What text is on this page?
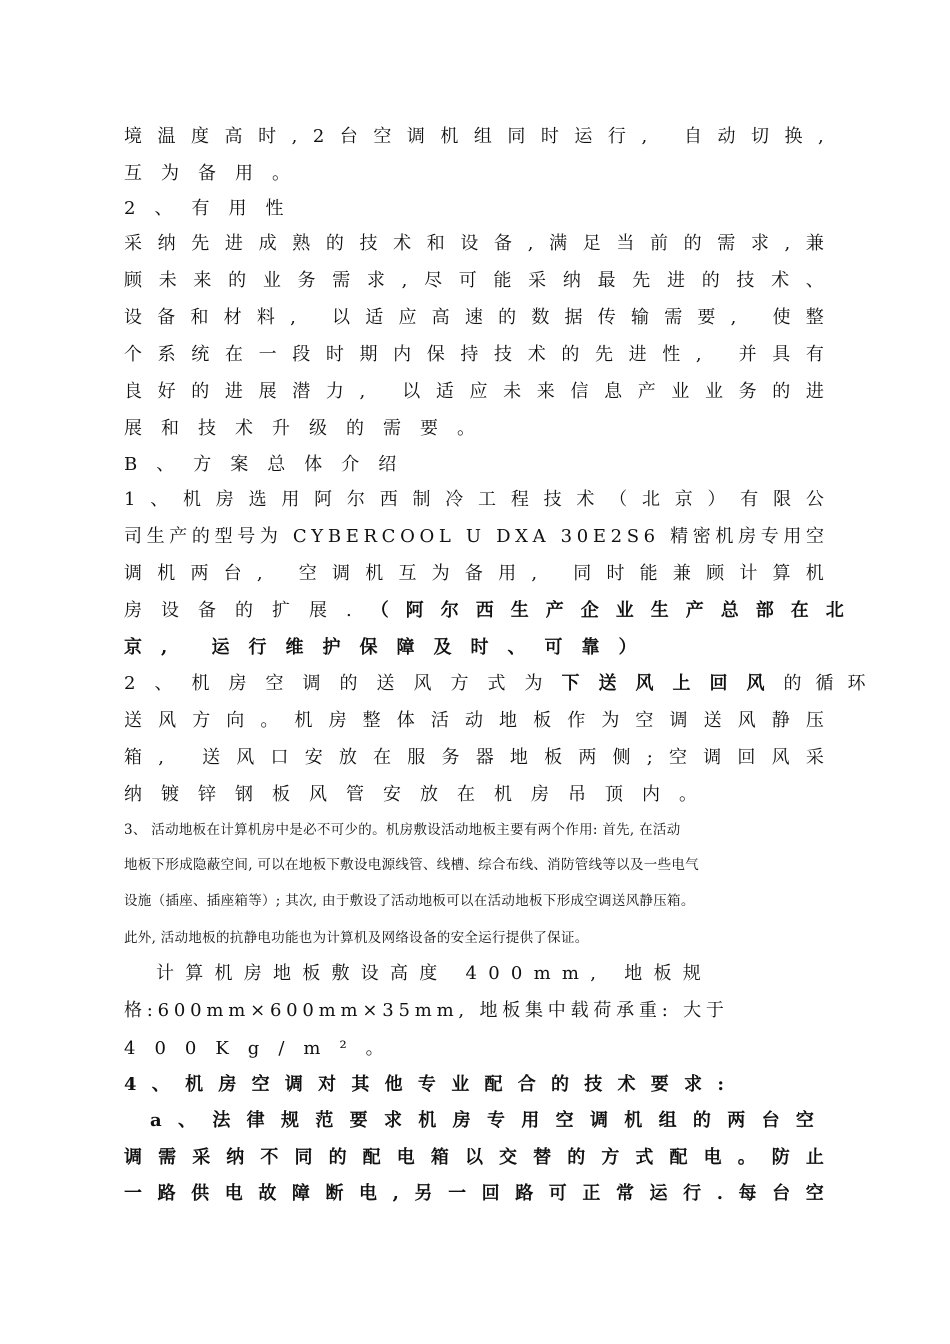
境 温 度 高 时 , 2 台 空 调 机 组 同 时 运 行 ,
自 动 切 换 ,
互为备用。
2、有用性
采 纳 先 进 成 熟 的 技 术 和 设 备 , 满 足 当 前 的 需 求 , 兼
顾 未 来 的 业 务 需 求 , 尽 可 能 采 纳 最 先 进 的 技 术 、
设 备 和 材 料 ,
以 适 应 高 速 的 数 据 传 输 需 要 ,
使 整
个 系 统 在 一 段 时 期 内 保 持 技 术 的 先 进 性 ,
并 具 有
良 好 的 进 展 潜 力 ,
以 适 应 未 来 信 息 产 业 业 务 的 进
展和技术升级的需要。
B、方案总体介绍
1 、 机 房 选 用 阿 尔 西 制 冷 工 程 技 术 （ 北 京 ） 有 限 公
司 生 产 的 型 号 为
C Y B E R C O O L
U
D X A
3 0 E 2 S 6
精 密 机 房 专 用 空
调 机 两 台 ,
空 调 机 互 为 备 用 ,
同 时 能 兼 顾 计 算 机
房设备的扩展. （阿尔西生产企业生产总部在北
京, 运行维护保障及时、可靠）
2、机房空调的送风方式为 下送风上回风 的循环
送 风 方 向 。 机 房 整 体 活 动 地 板 作 为 空 调 送 风 静 压
箱 ,
送 风 口 安 放 在 服 务 器 地 板 两 侧 ; 空 调 回 风 采
纳镀锌钢板风管安放在机房吊顶内。
3、 活动地板在计算机房中是必不可少的。机房敷设活动地板主要有两个作用: 首先, 在活动
地板下形成隐蔽空间, 可以在地板下敷设电源线管、线槽、综合布线、消防管线等以及一些电气
设施（插座、插座箱等）; 其次, 由于敷设了活动地板可以在活动地板下形成空调送风静压箱。
此外, 活动地板的抗静电功能也为计算机及网络设备的安全运行提供了保证。
计 算 机 房 地 板 敷 设 高 度
4 0 0 m m ,
地 板 规
格 : 6 0 0 m m × 6 0 0 m m × 3 5 m m ,
地 板 集 中 载 荷 承 重 :
大 于
400Kg/m²。
4 、 机 房 空 调 对 其 他 专 业 配 合 的 技 术 要 求 :
a 、 法 律 规 范 要 求 机 房 专 用 空 调 机 组 的 两 台 空
调 需 采 纳 不 同 的 配 电 箱 以 交 替 的 方 式 配 电 。 防 止
一 路 供 电 故 障 断 电 , 另 一 回 路 可 正 常 运 行 . 每 台 空
